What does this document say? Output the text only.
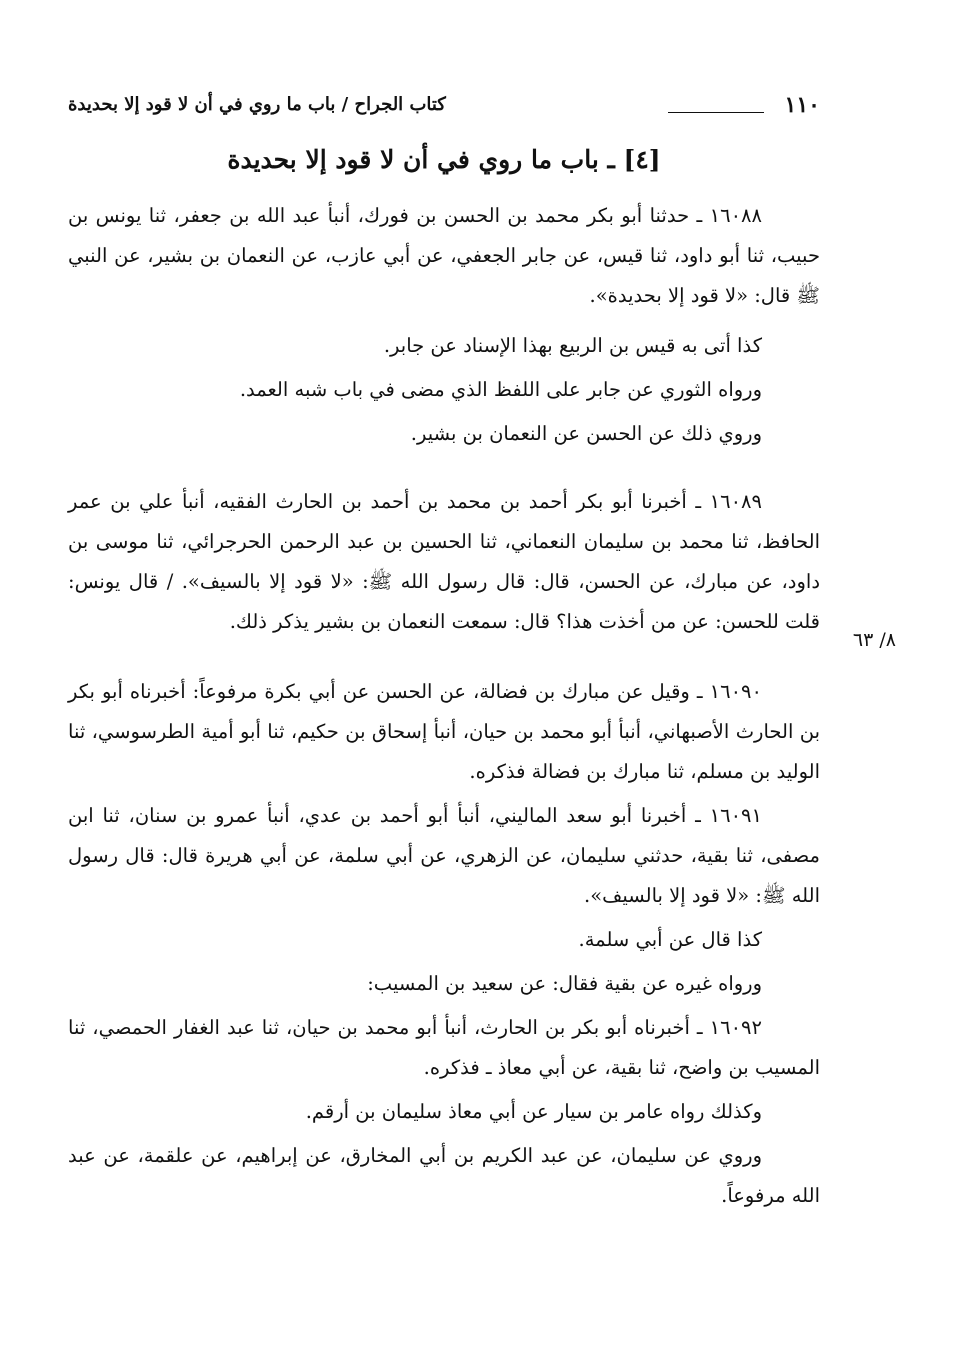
١١٠
كتاب الجراح / باب ما روي في أن لا قود إلا بحديدة
[٤] ـ باب ما روي في أن لا قود إلا بحديدة

١٦٠٨٨ ـ حدثنا أبو بكر محمد بن الحسن بن فورك، أنبأ عبد الله بن جعفر، ثنا يونس بن حبيب، ثنا أبو داود، ثنا قيس، عن جابر الجعفي، عن أبي عازب، عن النعمان بن بشير، عن النبي ﷺ قال: «لا قود إلا بحديدة».

كذا أتى به قيس بن الربيع بهذا الإسناد عن جابر.

ورواه الثوري عن جابر على اللفظ الذي مضى في باب شبه العمد.

وروي ذلك عن الحسن عن النعمان بن بشير.

١٦٠٨٩ ـ أخبرنا أبو بكر أحمد بن محمد بن أحمد بن الحارث الفقيه، أنبأ علي بن عمر الحافظ، ثنا محمد بن سليمان النعماني، ثنا الحسين بن عبد الرحمن الحرجرائي، ثنا موسى بن داود، عن مبارك، عن الحسن، قال: قال رسول الله ﷺ: «لا قود إلا بالسيف». / قال يونس: قلت للحسن: عن من أخذت هذا؟ قال: سمعت النعمان بن بشير يذكر ذلك.

١٦٠٩٠ ـ وقيل عن مبارك بن فضالة، عن الحسن عن أبي بكرة مرفوعاً: أخبرناه أبو بكر بن الحارث الأصبهاني، أنبأ أبو محمد بن حيان، أنبأ إسحاق بن حكيم، ثنا أبو أمية الطرسوسي، ثنا الوليد بن مسلم، ثنا مبارك بن فضالة فذكره.

١٦٠٩١ ـ أخبرنا أبو سعد الماليني، أنبأ أبو أحمد بن عدي، أنبأ عمرو بن سنان، ثنا ابن مصفى، ثنا بقية، حدثني سليمان، عن الزهري، عن أبي سلمة، عن أبي هريرة قال: قال رسول الله ﷺ: «لا قود إلا بالسيف».

كذا قال عن أبي سلمة.

ورواه غيره عن بقية فقال: عن سعيد بن المسيب:

١٦٠٩٢ ـ أخبرناه أبو بكر بن الحارث، أنبأ أبو محمد بن حيان، ثنا عبد الغفار الحمصي، ثنا المسيب بن واضح، ثنا بقية، عن أبي معاذ ـ فذكره.

وكذلك رواه عامر بن سيار عن أبي معاذ سليمان بن أرقم.

وروي عن سليمان، عن عبد الكريم بن أبي المخارق، عن إبراهيم، عن علقمة، عن عبد الله مرفوعاً.

٨/ ٦٣
